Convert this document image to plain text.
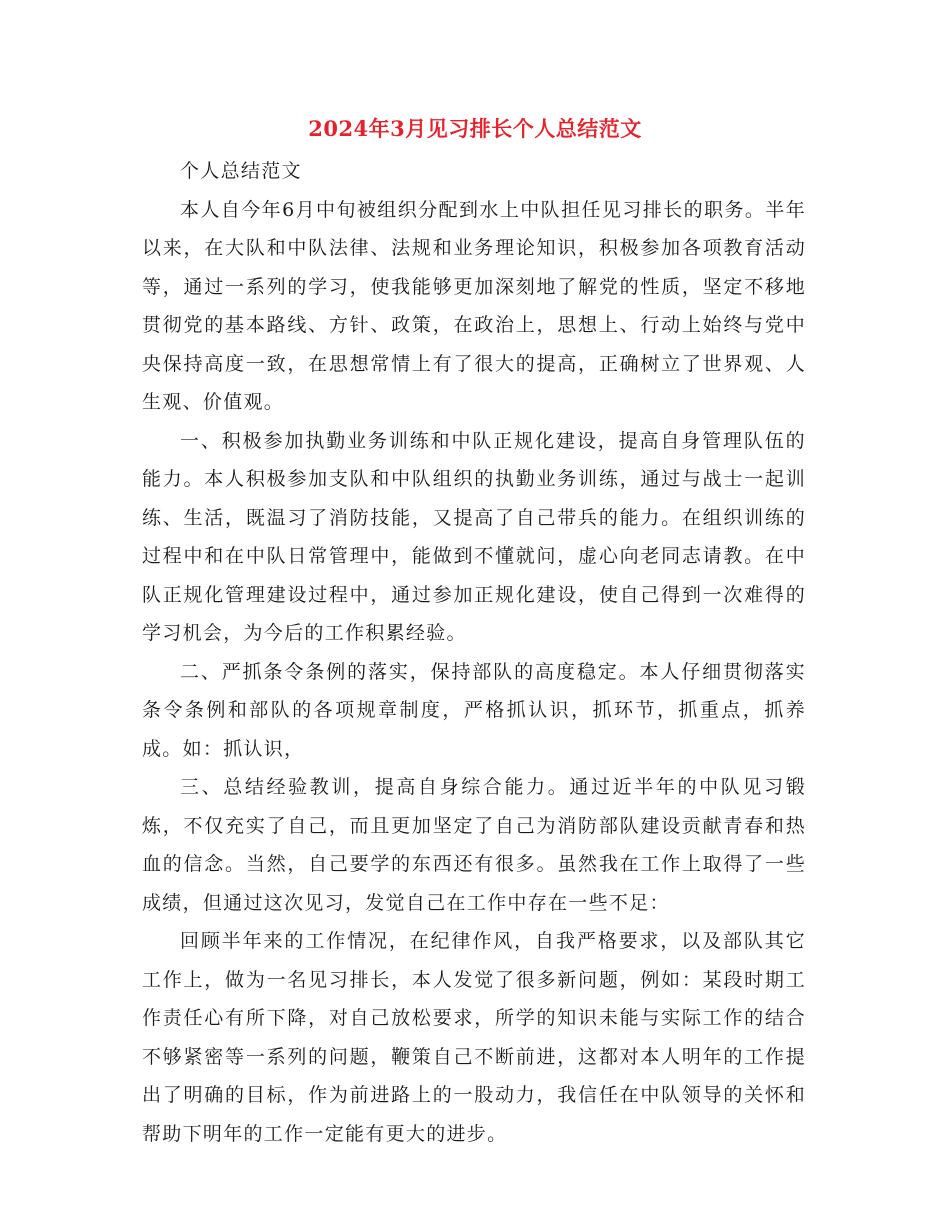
2024年3月见习排长个人总结范文

个人总结范文

本人自今年6月中旬被组织分配到水上中队担任见习排长的职务。半年以来，在大队和中队法律、法规和业务理论知识，积极参加各项教育活动等，通过一系列的学习，使我能够更加深刻地了解党的性质，坚定不移地贯彻党的基本路线、方针、政策，在政治上，思想上、行动上始终与党中央保持高度一致，在思想常情上有了很大的提高，正确树立了世界观、人生观、价值观。

一、积极参加执勤业务训练和中队正规化建设，提高自身管理队伍的能力。本人积极参加支队和中队组织的执勤业务训练，通过与战士一起训练、生活，既温习了消防技能，又提高了自己带兵的能力。在组织训练的过程中和在中队日常管理中，能做到不懂就问，虚心向老同志请教。在中队正规化管理建设过程中，通过参加正规化建设，使自己得到一次难得的学习机会，为今后的工作积累经验。

二、严抓条令条例的落实，保持部队的高度稳定。本人仔细贯彻落实条令条例和部队的各项规章制度，严格抓认识，抓环节，抓重点，抓养成。如：抓认识，

三、总结经验教训，提高自身综合能力。通过近半年的中队见习锻炼，不仅充实了自己，而且更加坚定了自己为消防部队建设贡献青春和热血的信念。当然，自己要学的东西还有很多。虽然我在工作上取得了一些成绩，但通过这次见习，发觉自己在工作中存在一些不足：

回顾半年来的工作情况，在纪律作风，自我严格要求，以及部队其它工作上，做为一名见习排长，本人发觉了很多新问题，例如：某段时期工作责任心有所下降，对自己放松要求，所学的知识未能与实际工作的结合不够紧密等一系列的问题，鞭策自己不断前进，这都对本人明年的工作提出了明确的目标，作为前进路上的一股动力，我信任在中队领导的关怀和帮助下明年的工作一定能有更大的进步。
